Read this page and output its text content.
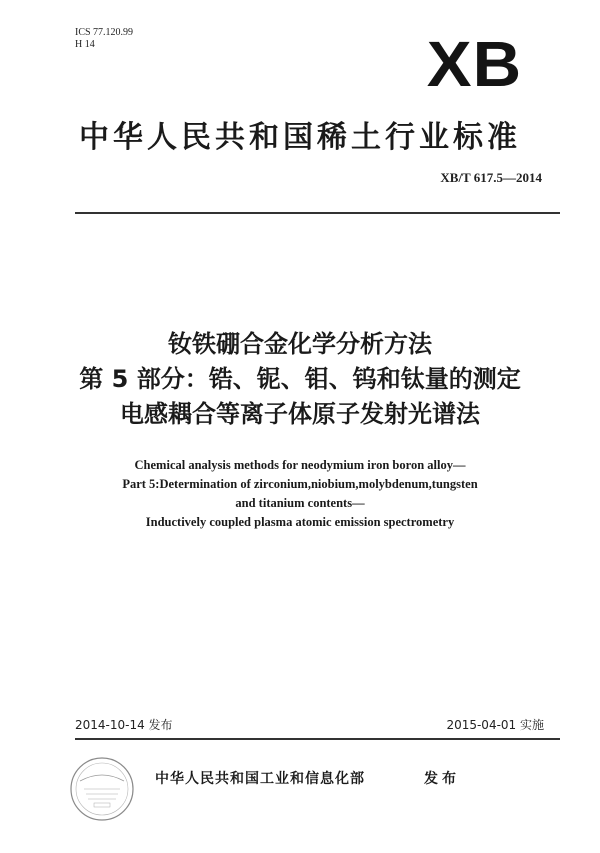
ICS 77.120.99
H 14	XB
中华人民共和国稀土行业标准
XB/T 617.5—2014
钕铁硼合金化学分析方法
第 5 部分：锆、铌、钼、钨和钛量的测定
电感耦合等离子体原子发射光谱法
Chemical analysis methods for neodymium iron boron alloy—
Part 5:Determination of zirconium,niobium,molybdenum,tungsten
and titanium contents—
Inductively coupled plasma atomic emission spectrometry
2014-10-14 发布	2015-04-01 实施
中华人民共和国工业和信息化部	发布
